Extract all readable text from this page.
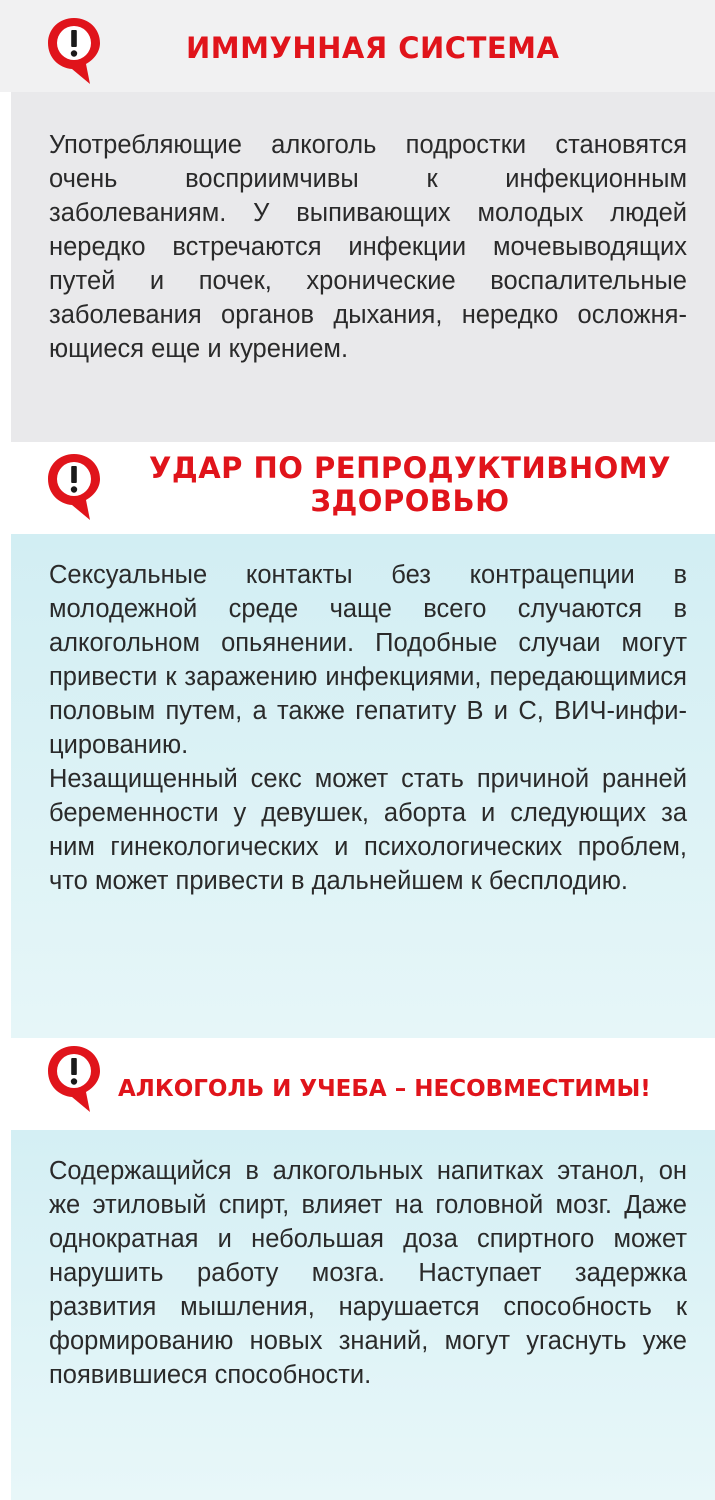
ИММУННАЯ СИСТЕМА

Употребляющие алкоголь подростки становятся очень восприимчивы к инфекционным заболеваниям. У выпивающих молодых людей нередко встречаются инфекции мочевыводящих путей и почек, хронические воспалительные заболевания органов дыхания, нередко осложняющиеся еще и курением.

УДАР ПО РЕПРОДУКТИВНОМУ
ЗДОРОВЬЮ

Сексуальные контакты без контрацепции в молодежной среде чаще всего случаются в алкогольном опьянении. Подобные случаи могут привести к заражению инфекциями, передающимися половым путем, а также гепатиту В и С, ВИЧ-инфицированию.

Незащищенный секс может стать причиной ранней беременности у девушек, аборта и следующих за ним гинекологических и психологических проблем, что может привести в дальнейшем к бесплодию.

АЛКОГОЛЬ И УЧЕБА – НЕСОВМЕСТИМЫ!

Содержащийся в алкогольных напитках этанол, он же этиловый спирт, влияет на головной мозг. Даже однократная и небольшая доза спиртного может нарушить работу мозга. Наступает задержка развития мышления, нарушается способность к формированию новых знаний, могут угаснуть уже появившиеся способности.
